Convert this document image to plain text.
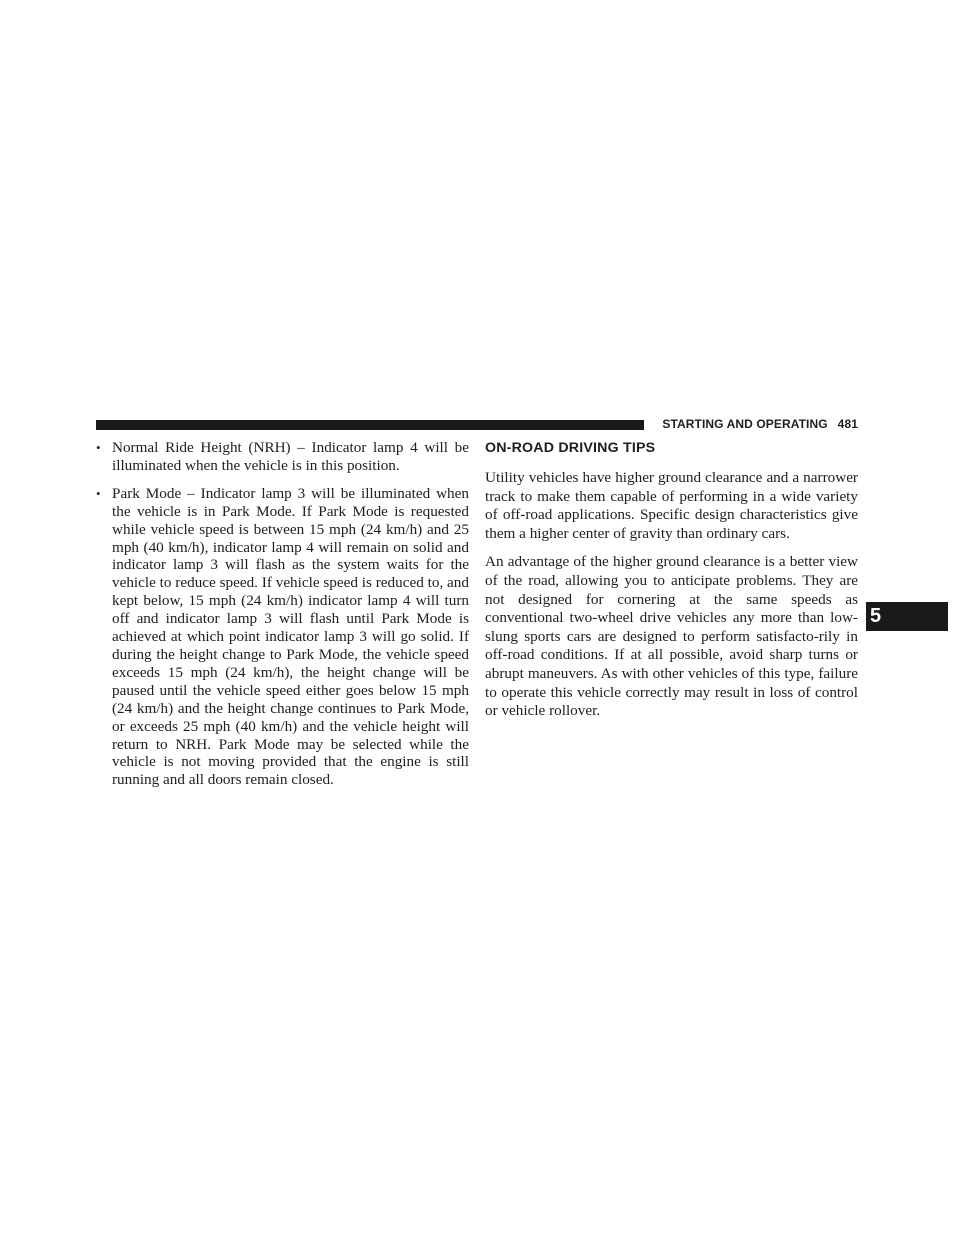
STARTING AND OPERATING 481
• Normal Ride Height (NRH) – Indicator lamp 4 will be illuminated when the vehicle is in this position.
• Park Mode – Indicator lamp 3 will be illuminated when the vehicle is in Park Mode. If Park Mode is requested while vehicle speed is between 15 mph (24 km/h) and 25 mph (40 km/h), indicator lamp 4 will remain on solid and indicator lamp 3 will flash as the system waits for the vehicle to reduce speed. If vehicle speed is reduced to, and kept below, 15 mph (24 km/h) indicator lamp 4 will turn off and indicator lamp 3 will flash until Park Mode is achieved at which point indicator lamp 3 will go solid. If during the height change to Park Mode, the vehicle speed exceeds 15 mph (24 km/h), the height change will be paused until the vehicle speed either goes below 15 mph (24 km/h) and the height change continues to Park Mode, or exceeds 25 mph (40 km/h) and the vehicle height will return to NRH. Park Mode may be selected while the vehicle is not moving provided that the engine is still running and all doors remain closed.
ON-ROAD DRIVING TIPS

Utility vehicles have higher ground clearance and a narrower track to make them capable of performing in a wide variety of off-road applications. Specific design characteristics give them a higher center of gravity than ordinary cars.

An advantage of the higher ground clearance is a better view of the road, allowing you to anticipate problems. They are not designed for cornering at the same speeds as conventional two-wheel drive vehicles any more than low-slung sports cars are designed to perform satisfacto-rily in off-road conditions. If at all possible, avoid sharp turns or abrupt maneuvers. As with other vehicles of this type, failure to operate this vehicle correctly may result in loss of control or vehicle rollover.

5
